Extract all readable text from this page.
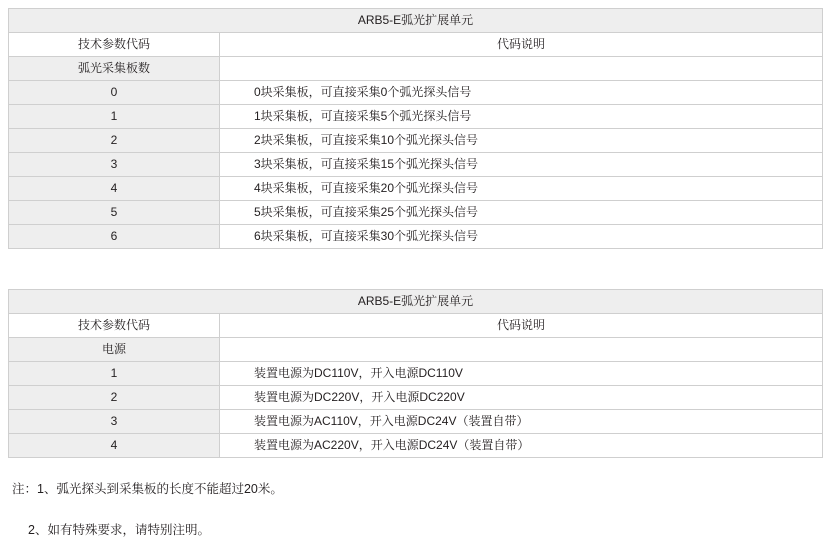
ARB5-E弧光扩展单元	
技术参数代码	代码说明
弧光采集板数	
0	0块采集板，可直接采集0个弧光探头信号
1	1块采集板，可直接采集5个弧光探头信号
2	2块采集板，可直接采集10个弧光探头信号
3	3块采集板，可直接采集15个弧光探头信号
4	4块采集板，可直接采集20个弧光探头信号
5	5块采集板，可直接采集25个弧光探头信号
6	6块采集板，可直接采集30个弧光探头信号
ARB5-E弧光扩展单元	
技术参数代码	代码说明
电源	
1	装置电源为DC110V，开入电源DC110V
2	装置电源为DC220V，开入电源DC220V
3	装置电源为AC110V，开入电源DC24V（装置自带）
4	装置电源为AC220V，开入电源DC24V（装置自带）
注：1、弧光探头到采集板的长度不能超过20米。
2、如有特殊要求，请特别注明。
